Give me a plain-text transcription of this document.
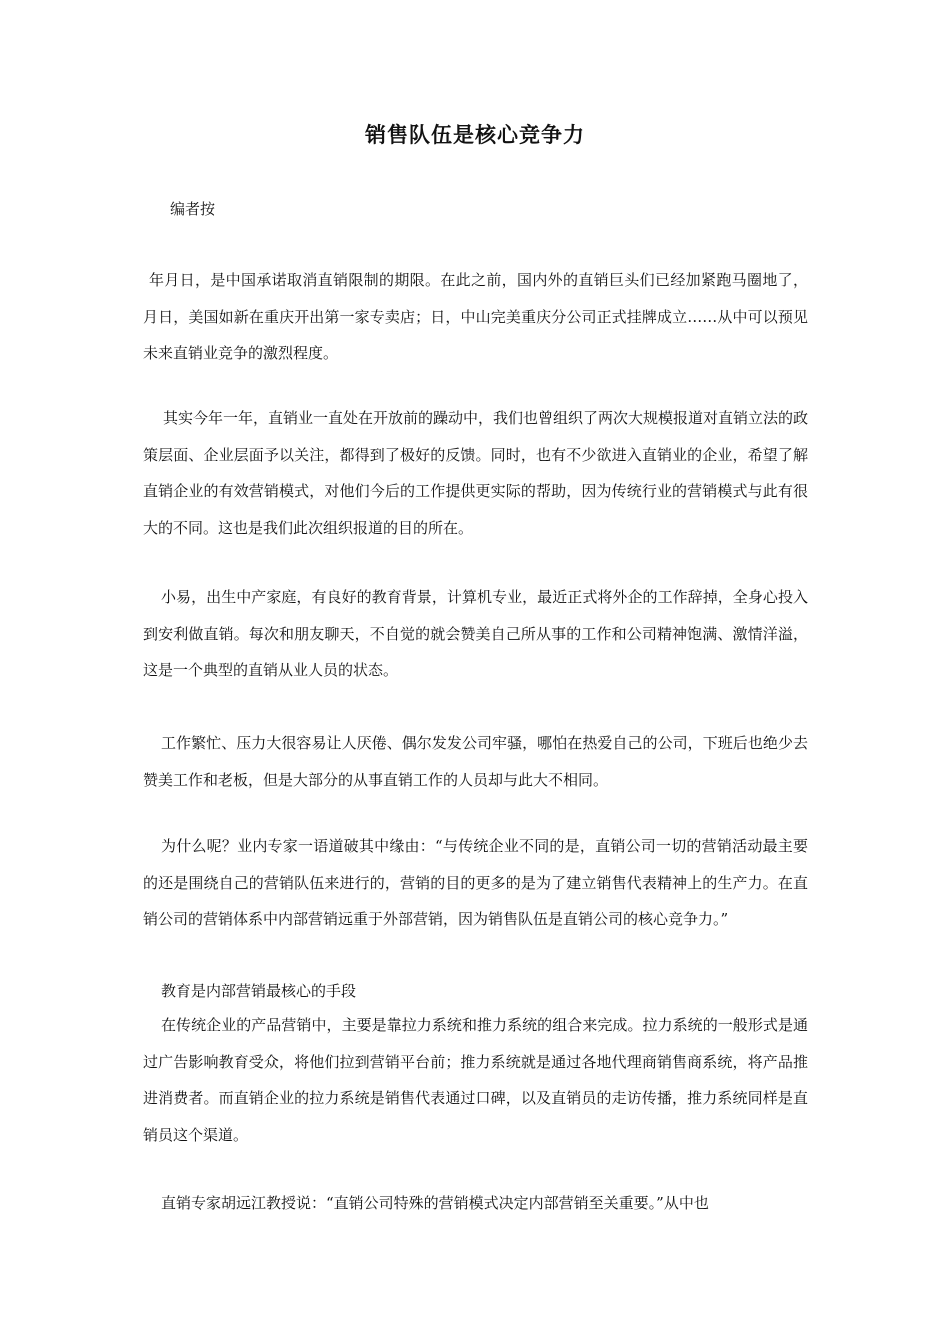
销售队伍是核心竞争力
编者按

年月日，是中国承诺取消直销限制的期限。在此之前，国内外的直销巨头们已经加紧跑马圈地了，月日，美国如新在重庆开出第一家专卖店；日，中山完美重庆分公司正式挂牌成立……从中可以预见未来直销业竞争的激烈程度。

其实今年一年，直销业一直处在开放前的躁动中，我们也曾组织了两次大规模报道对直销立法的政策层面、企业层面予以关注，都得到了极好的反馈。同时，也有不少欲进入直销业的企业，希望了解直销企业的有效营销模式，对他们今后的工作提供更实际的帮助，因为传统行业的营销模式与此有很大的不同。这也是我们此次组织报道的目的所在。

小易，出生中产家庭，有良好的教育背景，计算机专业，最近正式将外企的工作辞掉，全身心投入到安利做直销。每次和朋友聊天，不自觉的就会赞美自己所从事的工作和公司精神饱满、激情洋溢，这是一个典型的直销从业人员的状态。

工作繁忙、压力大很容易让人厌倦、偶尔发发公司牢骚，哪怕在热爱自己的公司，下班后也绝少去赞美工作和老板，但是大部分的从事直销工作的人员却与此大不相同。

为什么呢？业内专家一语道破其中缘由：“与传统企业不同的是，直销公司一切的营销活动最主要的还是围绕自己的营销队伍来进行的，营销的目的更多的是为了建立销售代表精神上的生产力。在直销公司的营销体系中内部营销远重于外部营销，因为销售队伍是直销公司的核心竞争力。”

教育是内部营销最核心的手段

在传统企业的产品营销中，主要是靠拉力系统和推力系统的组合来完成。拉力系统的一般形式是通过广告影响教育受众，将他们拉到营销平台前；推力系统就是通过各地代理商销售商系统，将产品推进消费者。而直销企业的拉力系统是销售代表通过口碑，以及直销员的走访传播，推力系统同样是直销员这个渠道。

直销专家胡远江教授说：“直销公司特殊的营销模式决定内部营销至关重要。”从中也
